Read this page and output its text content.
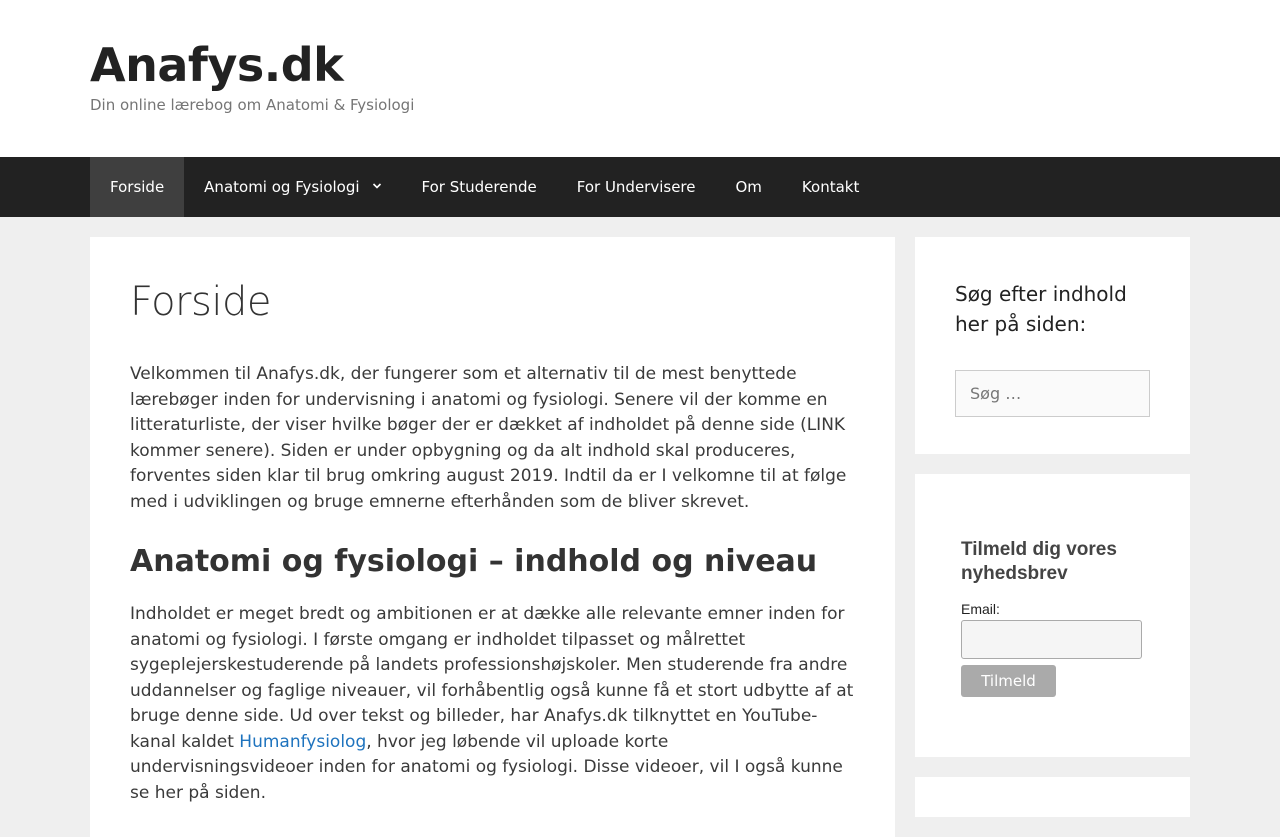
Anafys.dk
Din online lærebog om Anatomi & Fysiologi
Forside	Anatomi og Fysiologi	For Studerende	For Undervisere	Om	Kontakt
Forside

Velkommen til Anafys.dk, der fungerer som et alternativ til de mest benyttede lærebøger inden for undervisning i anatomi og fysiologi. Senere vil der komme en litteraturliste, der viser hvilke bøger der er dækket af indholdet på denne side (LINK kommer senere). Siden er under opbygning og da alt indhold skal produceres, forventes siden klar til brug omkring august 2019. Indtil da er I velkomne til at følge med i udviklingen og bruge emnerne efterhånden som de bliver skrevet.

Anatomi og fysiologi – indhold og niveau

Indholdet er meget bredt og ambitionen er at dække alle relevante emner inden for anatomi og fysiologi. I første omgang er indholdet tilpasset og målrettet sygeplejerskestuderende på landets professionshøjskoler. Men studerende fra andre uddannelser og faglige niveauer, vil forhåbentlig også kunne få et stort udbytte af at bruge denne side. Ud over tekst og billeder, har Anafys.dk tilknyttet en YouTube-kanal kaldet Humanfysiolog, hvor jeg løbende vil uploade korte undervisningsvideoer inden for anatomi og fysiologi. Disse videoer, vil I også kunne se her på siden.

Søg efter indhold her på siden:
Søg …
Tilmeld dig vores nyhedsbrev
Email:
Tilmeld
